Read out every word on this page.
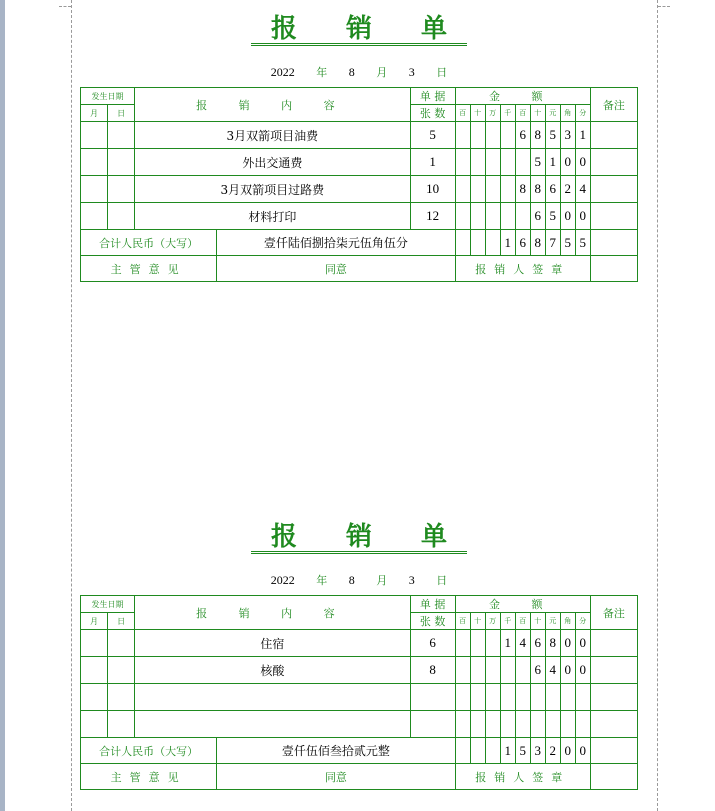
报 销 单
2022 年 8 月 3 日
发生日期		报 销 内 容		单 据	金 额									备注
月	日			张 数	百	十	万	千	百	十	元	角	分	
		3月双箭项目油费		5					6	8	5	3	1	
		外出交通费		1						5	1	0	0	
		3月双箭项目过路费		10					8	8	6	2	4	
		材料打印		12						6	5	0	0	
合计人民币（大写）			壹仟陆佰捌拾柒元伍角伍分					1	6	8	7	5	5	
主管意见			同意		报销人签章									
报 销 单
2022 年 8 月 3 日
发生日期		报 销 内 容		单 据	金 额									备注
月	日			张 数	百	十	万	千	百	十	元	角	分	
		住宿		6				1	4	6	8	0	0	
		核酸		8						6	4	0	0	

合计人民币（大写）			壹仟伍佰叁拾贰元整					1	5	3	2	0	0	
主管意见			同意		报销人签章									
